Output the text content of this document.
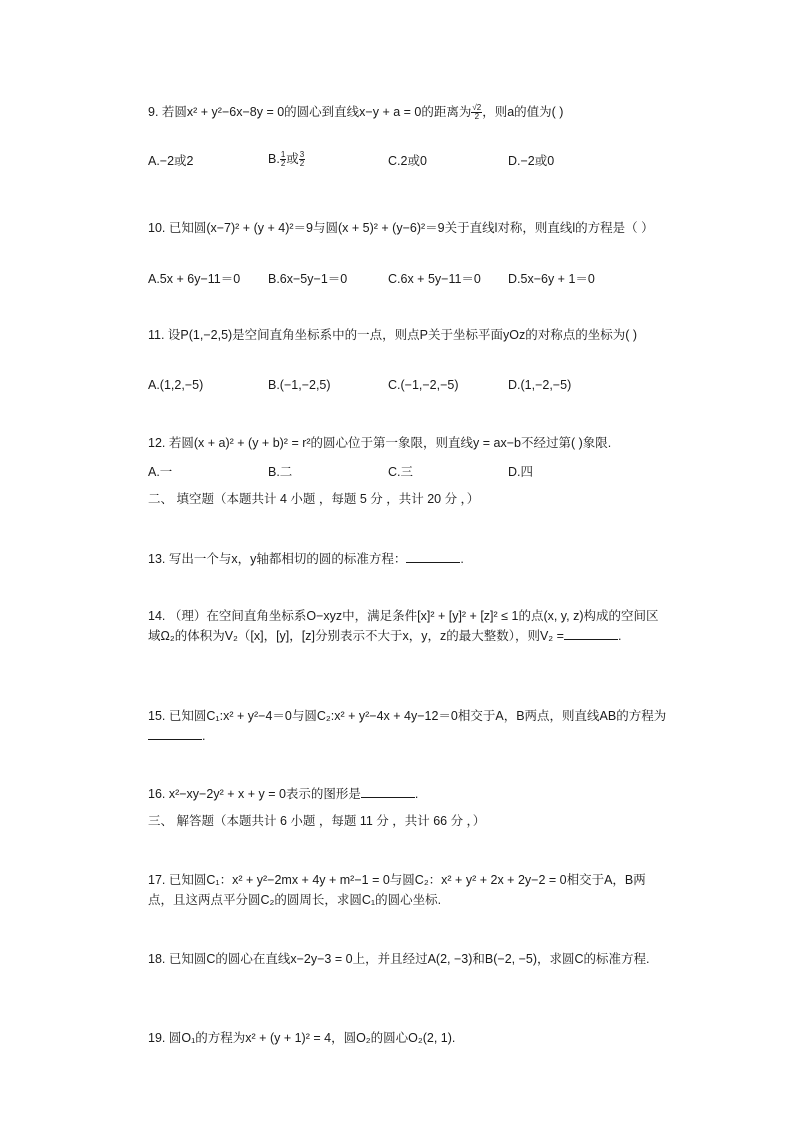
9. 若圆x² + y²−6x−8y = 0的圆心到直线x−y + a = 0的距离为 $\frac{√2}{2}$ ，则a的值为( )
A.−2或2	B. $\frac{1}{2}$ 或 $\frac{3}{2}$	C.2或0	D.−2或0
10. 已知圆(x−7)² + (y + 4)²＝9与圆(x + 5)² + (y−6)²＝9关于直线l对称，则直线l的方程是（ ）
A.5x + 6y−11＝0 B.6x−5y−1＝0	C.6x + 5y−11＝0 D.5x−6y + 1＝0
11. 设P(1,−2,5)是空间直角坐标系中的一点，则点P关于坐标平面yOz的对称点的坐标为( )
A.(1,2,−5)	B.(−1,−2,5)	C.(−1,−2,−5)	D.(1,−2,−5)
12. 若圆(x + a)² + (y + b)² = r²的圆心位于第一象限，则直线y = ax−b不经过第( )象限.
A.一	B.二	C.三	D.四
二、 填空题（本题共计 4 小题 ，每题 5 分 ，共计 20 分 ，）
13. 写出一个与x，y轴都相切的圆的标准方程：	.
14. （理）在空间直角坐标系O−xyz中，满足条件[x]² + [y]² + [z]² ≤ 1的点(x, y, z)构成的空间区域Ω₂的体积为V₂（[x]，[y]，[z]分别表示不大于x，y，z的最大整数），则V₂ =	.
15. 已知圆C₁:x² + y²−4＝0与圆C₂:x² + y²−4x + 4y−12＝0相交于A，B两点，则直线AB的方程为.
16. x²−xy−2y² + x + y = 0表示的图形是	.
三、 解答题（本题共计 6 小题 ，每题 11 分 ，共计 66 分 ，）
17. 已知圆C₁：x² + y²−2mx + 4y + m²−1 = 0与圆C₂：x² + y² + 2x + 2y−2 = 0相交于A，B两点，且这两点平分圆C₂的圆周长，求圆C₁的圆心坐标.
18. 已知圆C的圆心在直线x−2y−3 = 0上，并且经过A(2, −3)和B(−2, −5)，求圆C的标准方程.
19. 圆O₁的方程为x² + (y + 1)² = 4，圆O₂的圆心O₂(2, 1).
